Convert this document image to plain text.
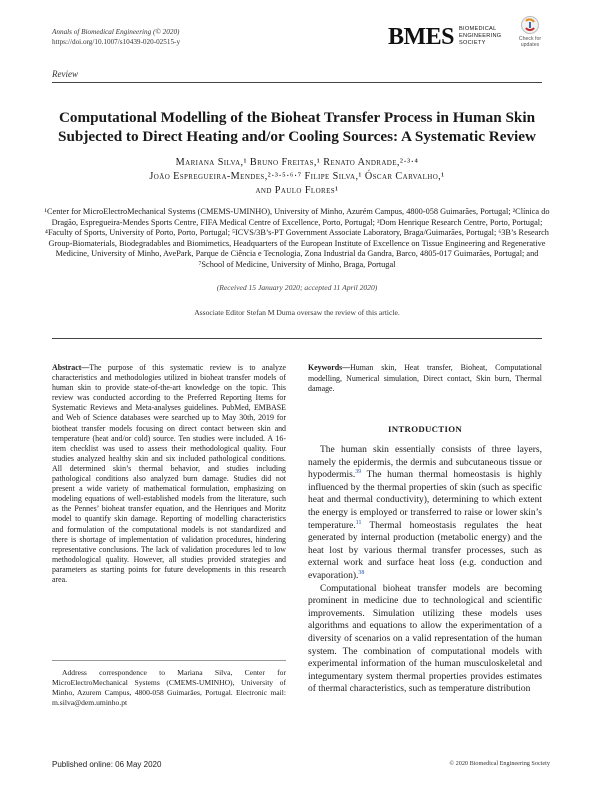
Annals of Biomedical Engineering (© 2020)
https://doi.org/10.1007/s10439-020-02515-y	BMES BIOMEDICAL
ENGINEERING
SOCIETY
Check for
updates
Review
Computational Modelling of the Bioheat Transfer Process in Human Skin
Subjected to Direct Heating and/or Cooling Sources: A Systematic Review
Mariana Silva,¹ Bruno Freitas,¹ Renato Andrade,²·³·⁴
João Espregueira-Mendes,²·³·⁵·⁶·⁷ Filipe Silva,¹ Óscar Carvalho,¹
and Paulo Flores¹
¹Center for MicroElectroMechanical Systems (CMEMS-UMINHO), University of Minho, Azurém Campus, 4800-058 Guimarães, Portugal; ²Clínica do Dragão, Espregueira-Mendes Sports Centre, FIFA Medical Centre of Excellence, Porto, Portugal; ³Dom Henrique Research Centre, Porto, Portugal; ⁴Faculty of Sports, University of Porto, Porto, Portugal; ⁵ICVS/3B’s-PT Government Associate Laboratory, Braga/Guimarães, Portugal; ⁶3B’s Research Group-Biomaterials, Biodegradables and Biomimetics, Headquarters of the European Institute of Excellence on Tissue Engineering and Regenerative Medicine, University of Minho, AvePark, Parque de Ciência e Tecnologia, Zona Industrial da Gandra, Barco, 4805-017 Guimarães, Portugal; and ⁷School of Medicine, University of Minho, Braga, Portugal
(Received 15 January 2020; accepted 11 April 2020)
Associate Editor Stefan M Duma oversaw the review of this article.
Abstract—The purpose of this systematic review is to analyze characteristics and methodologies utilized in bioheat transfer models of human skin to provide state-of-the-art knowledge on the topic. This review was conducted according to the Preferred Reporting Items for Systematic Reviews and Meta-analyses guidelines. PubMed, EMBASE and Web of Science databases were searched up to May 30th, 2019 for biotheat transfer models focusing on direct contact between skin and temperature (heat and/or cold) source. Ten studies were included. A 16-item checklist was used to assess their methodological quality. Four studies analyzed healthy skin and six included pathological conditions. All determined skin’s thermal behavior, and studies including pathological conditions also analyzed burn damage. Studies did not present a wide variety of mathematical formulation, emphasizing on modeling equations of well-established models from the literature, such as the Pennes’ bioheat transfer equation, and the Henriques and Moritz model to quantify skin damage. Reporting of modelling characteristics and formulation of the computational models is not standardized and there is shortage of implementation of validation procedures, hindering representative conclusions. The lack of validation procedures led to low methodological quality. However, all studies provided strategies and parameters as starting points for future developments in this research area.
Keywords—Human skin, Heat transfer, Biohеat, Computational modelling, Numerical simulation, Direct contact, Skin burn, Thermal damage.
INTRODUCTION

The human skin essentially consists of three layers, namely the epidermis, the dermis and subcutaneous tissue or hypodermis.$^{39}$ The human thermal homeostasis is highly influenced by the thermal properties of skin (such as specific heat and thermal conductivity), determining to which extent the energy is employed or transferred to raise or lower skin’s temperature.$^{11}$ Thermal homeostasis regulates the heat generated by internal production (metabolic energy) and the heat lost by various thermal transfer processes, such as external work and surface heat loss (e.g. conduction and evaporation).$^{38}$

Computational bioheat transfer models are becoming prominent in medicine due to technological and scientific improvements. Simulation utilizing these models uses algorithms and equations to allow the experimentation of a diversity of scenarios on a valid representation of the human system. The combination of computational models with experimental information of the human musculoskeletal and integumentary system thermal properties provides estimates of thermal characteristics, such as temperature distribution

Address correspondence to Mariana Silva, Center for MicroElectroMechanical Systems (CMEMS-UMINHO), University of Minho, Azurem Campus, 4800-058 Guimarães, Portugal. Electronic mail: m.silva@dem.uminho.pt
Published online: 06 May 2020	© 2020 Biomedical Engineering Society
